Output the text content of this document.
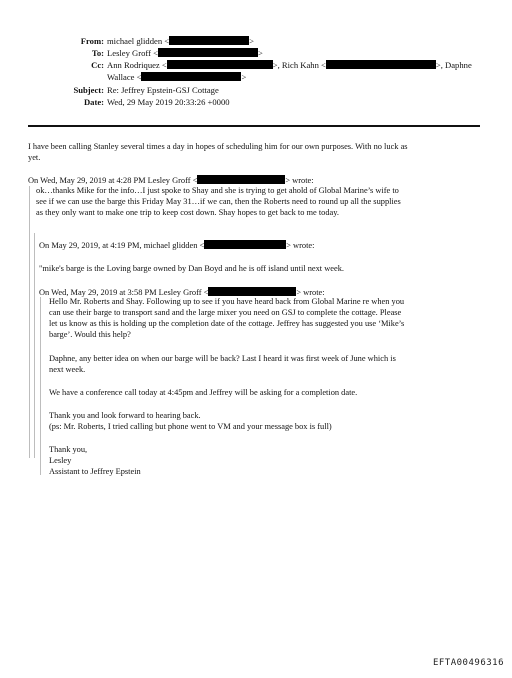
From: michael glidden <	>
To: Lesley Groff <	>
Cc: Ann Rodriquez <	>, Rich Kahn <	>, Daphne
Wallace <	>
Subject: Re: Jeffrey Epstein-GSJ Cottage
Date: Wed, 29 May 2019 20:33:26 +0000
I have been calling Stanley several times a day in hopes of scheduling him for our own purposes. With no luck as
yet.
On Wed, May 29, 2019 at 4:28 PM Lesley Groff <	> wrote:
ok…thanks Mike for the info…I just spoke to Shay and she is trying to get ahold of Global Marine’s wife to
see if we can use the barge this Friday May 31…if we can, then the Roberts need to round up all the supplies
as they only want to make one trip to keep cost down. Shay hopes to get back to me today.
On May 29, 2019, at 4:19 PM, michael glidden <	> wrote:
"mike's barge is the Loving barge owned by Dan Boyd and he is off island until next week.
On Wed, May 29, 2019 at 3:58 PM Lesley Groff <	> wrote:
Hello Mr. Roberts and Shay. Following up to see if you have heard back from Global Marine re when you
can use their barge to transport sand and the large mixer you need on GSJ to complete the cottage. Please
let us know as this is holding up the completion date of the cottage. Jeffrey has suggested you use ‘Mike’s
barge’. Would this help?
Daphne, any better idea on when our barge will be back? Last I heard it was first week of June which is
next week.
We have a conference call today at 4:45pm and Jeffrey will be asking for a completion date.
Thank you and look forward to hearing back.
(ps: Mr. Roberts, I tried calling but phone went to VM and your message box is full)
Thank you,
Lesley
Assistant to Jeffrey Epstein
EFTA00496316
